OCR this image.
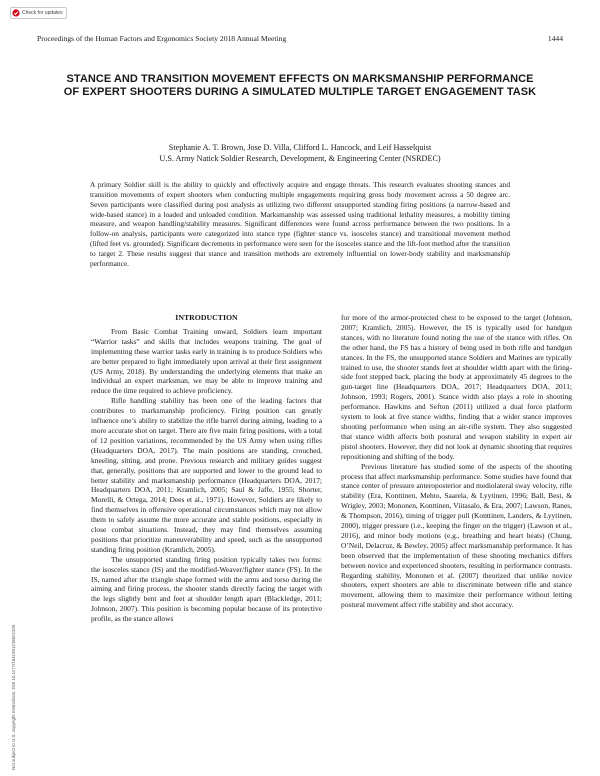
Check for updates
Proceedings of the Human Factors and Ergonomics Society 2018 Annual Meeting	1444
STANCE AND TRANSITION MOVEMENT EFFECTS ON MARKSMANSHIP PERFORMANCE OF EXPERT SHOOTERS DURING A SIMULATED MULTIPLE TARGET ENGAGEMENT TASK
Stephanie A. T. Brown, Jose D. Villa, Clifford L. Hancock, and Leif Hasselquist
U.S. Army Natick Soldier Research, Development, & Engineering Center (NSRDEC)
A primary Soldier skill is the ability to quickly and effectively acquire and engage threats. This research evaluates shooting stances and transition movements of expert shooters when conducting multiple engagements requiring gross body movement across a 50 degree arc. Seven participants were classified during post analysis as utilizing two different unsupported standing firing positions (a narrow-based and wide-based stance) in a loaded and unloaded condition. Marksmanship was assessed using traditional lethality measures, a mobility timing measure, and weapon handling/stability measures. Significant differences were found across performance between the two positions. In a follow-on analysis, participants were categorized into stance type (fighter stance vs. isosceles stance) and transitional movement method (lifted feet vs. grounded). Significant decrements in performance were seen for the isosceles stance and the lift-foot method after the transition to target 2. These results suggest that stance and transition methods are extremely influential on lower-body stability and marksmanship performance.
INTRODUCTION

From Basic Combat Training onward, Soldiers learn important “Warrior tasks” and skills that includes weapons training. The goal of implementing these warrior tasks early in training is to produce Soldiers who are better prepared to fight immediately upon arrival at their first assignment (US Army, 2018). By understanding the underlying elements that make an individual an expert marksman, we may be able to improve training and reduce the time required to achieve proficiency.

Rifle handling stability has been one of the leading factors that contributes to marksmanship proficiency. Firing position can greatly influence one’s ability to stabilize the rifle barrel during aiming, leading to a more accurate shot on target. There are five main firing positions, with a total of 12 position variations, recommended by the US Army when using rifles (Headquarters DOA, 2017). The main positions are standing, crouched, kneeling, sitting, and prone. Previous research and military guides suggest that, generally, positions that are supported and lower to the ground lead to better stability and marksmanship performance (Headquarters DOA, 2017; Headquarters DOA, 2011; Kramlich, 2005; Saul & Jaffe, 1955; Shorter, Morelli, & Ortega, 2014; Dees et al., 1971). However, Soldiers are likely to find themselves in offensive operational circumstances which may not allow them to safely assume the more accurate and stable positions, especially in close combat situations. Instead, they may find themselves assuming positions that prioritize maneuverability and speed, such as the unsupported standing firing position (Kramlich, 2005).

The unsupported standing firing position typically takes two forms: the isosceles stance (IS) and the modified-Weaver/fighter stance (FS). In the IS, named after the triangle shape formed with the arms and torso during the aiming and firing process, the shooter stands directly facing the target with the legs slightly bent and feet at shoulder length apart (Blackledge, 2011; Johnson, 2007). This position is becoming popular because of its protective profile, as the stance allows

for more of the armor-protected chest to be exposed to the target (Johnson, 2007; Kramlich, 2005). However, the IS is typically used for handgun stances, with no literature found noting the use of the stance with rifles. On the other hand, the FS has a history of being used in both rifle and handgun stances. In the FS, the unsupported stance Soldiers and Marines are typically trained to use, the shooter stands feet at shoulder width apart with the firing-side foot stepped back, placing the body at approximately 45 degrees to the gun-target line (Headquarters DOA, 2017; Headquarters DOA, 2011; Johnson, 1993; Rogers, 2001). Stance width also plays a role in shooting performance. Hawkins and Sefton (2011) utilized a dual force platform system to look at five stance widths, finding that a wider stance improves shooting performance when using an air-rifle system. They also suggested that stance width affects both postural and weapon stability in expert air pistol shooters. However, they did not look at dynamic shooting that requires repositioning and shifting of the body.

Previous literature has studied some of the aspects of the shooting process that affect marksmanship performance. Some studies have found that stance center of pressure anteroposterior and mediolateral sway velocity, rifle stability (Era, Konttinen, Mehto, Saarela, & Lyytinen, 1996; Ball, Best, & Wrigley, 2003; Mononen, Konttinen, Viitasalo, & Era, 2007; Lawson, Ranes, & Thompson, 2016), timing of trigger pull (Konttinen, Landers, & Lyytinen, 2000), trigger pressure (i.e., keeping the finger on the trigger) (Lawson et al., 2016), and minor body motions (e.g., breathing and heart beats) (Chung, O’Neil, Delacruz, & Bewley, 2005) affect marksmanship performance. It has been observed that the implementation of these shooting mechanics differs between novice and experienced shooters, resulting in performance contrasts. Regarding stability, Mononen et al. (2007) theorized that unlike novice shooters, expert shooters are able to discriminate between rifle and stance movement, allowing them to maximize their performance without letting postural movement affect rifle stability and shot accuracy.

Not subject to U.S. copyright restrictions. DOI 10.1177/1541931218621326
